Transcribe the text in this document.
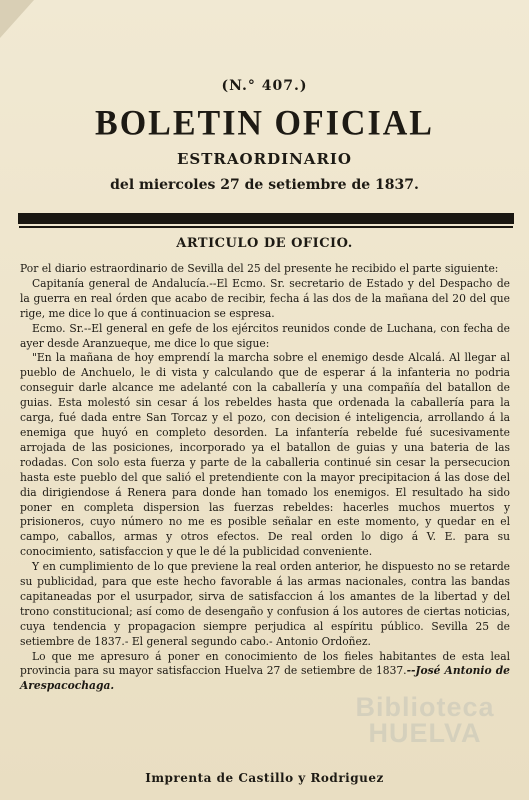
(N.° 407.)
BOLETIN OFICIAL
ESTRAORDINARIO
del miercoles 27 de setiembre de 1837.
ARTICULO DE OFICIO.

Por el diario estraordinario de Sevilla del 25 del presente he recibido el parte siguiente:

Capitanía general de Andalucía.--El Ecmo. Sr. secretario de Estado y del Despacho de la guerra en real órden que acabo de recibir, fecha á las dos de la mañana del 20 del que rige, me dice lo que á continuacion se espresa.

Ecmo. Sr.--El general en gefe de los ejércitos reunidos conde de Luchana, con fecha de ayer desde Aranzueque, me dice lo que sigue:

"En la mañana de hoy emprendí la marcha sobre el enemigo desde Alcalá. Al llegar al pueblo de Anchuelo, le di vista y calculando que de esperar á la infanteria no podria conseguir darle alcance me adelanté con la caballería y una compañía del batallon de guias. Esta molestó sin cesar á los rebeldes hasta que ordenada la caballería para la carga, fué dada entre San Torcaz y el pozo, con decision é inteligencia, arrollando á la enemiga que huyó en completo desorden. La infantería rebelde fué sucesivamente arrojada de las posiciones, incorporado ya el batallon de guias y una bateria de las rodadas. Con solo esta fuerza y parte de la caballeria continué sin cesar la persecucion hasta este pueblo del que salió el pretendiente con la mayor precipitacion á las dose del dia dirigiendose á Renera para donde han tomado los enemigos. El resultado ha sido poner en completa dispersion las fuerzas rebeldes: hacerles muchos muertos y prisioneros, cuyo número no me es posible señalar en este momento, y quedar en el campo, caballos, armas y otros efectos. De real orden lo digo á V. E. para su conocimiento, satisfaccion y que le dé la publicidad conveniente.

Y en cumplimiento de lo que previene la real orden anterior, he dispuesto no se retarde su publicidad, para que este hecho favorable á las armas nacionales, contra las bandas capitaneadas por el usurpador, sirva de satisfaccion á los amantes de la libertad y del trono constitucional; así como de desengaño y confusion á los autores de ciertas noticias, cuya tendencia y propagacion siempre perjudica al espíritu público. Sevilla 25 de setiembre de 1837.- El general segundo cabo.- Antonio Ordoñez.

Lo que me apresuro á poner en conocimiento de los fieles habitantes de esta leal provincia para su mayor satisfaccion Huelva 27 de setiembre de 1837.--José Antonio de Arespacochaga.

Biblioteca
HUELVA
Imprenta de Castillo y Rodriguez
